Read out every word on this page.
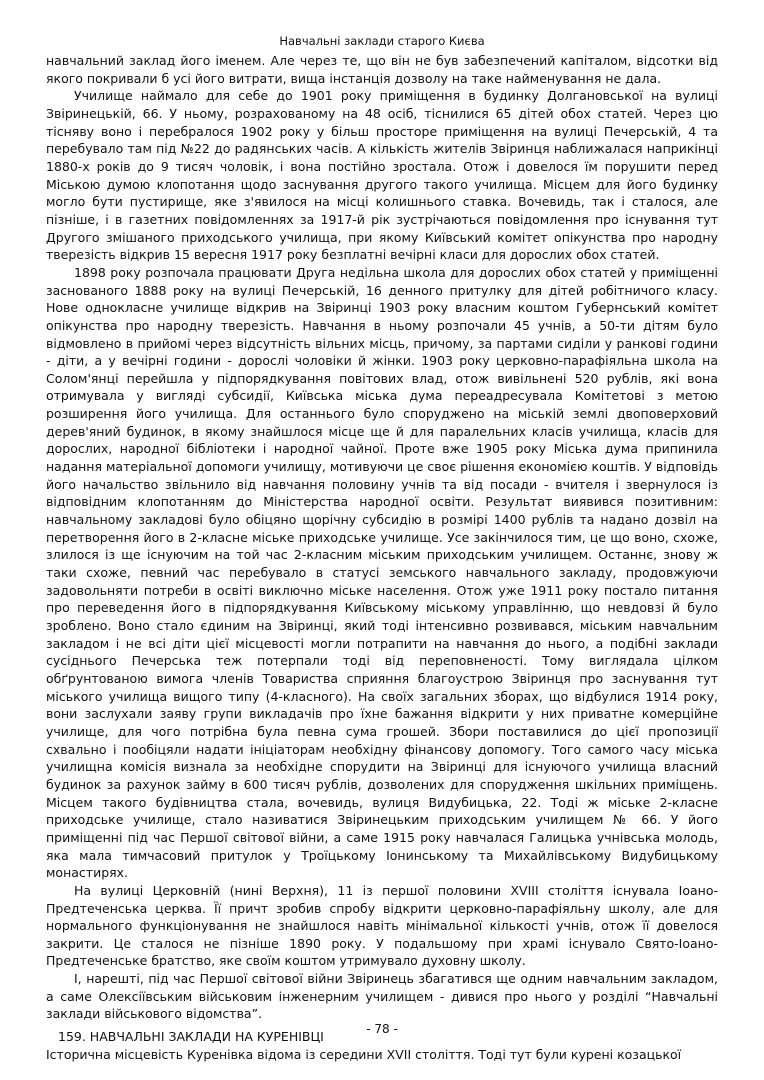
Навчальні заклади старого Києва

навчальний заклад його іменем. Але через те, що він не був забезпечений капіталом, відсотки від якого покривали б усі його витрати, вища інстанція дозволу на таке найменування не дала.

Училище наймало для себе до 1901 року приміщення в будинку Долгановської на вулиці Звіринецькій, 66. У ньому, розрахованому на 48 осіб, тіснилися 65 дітей обох статей. Через цю тісняву воно і перебралося 1902 року у більш просторе приміщення на вулиці Печерській, 4 та перебувало там під №22 до радянських часів. А кількість жителів Звіринця наближалася наприкінці 1880-х років до 9 тисяч чоловік, і вона постійно зростала. Отож і довелося їм порушити перед Міською думою клопотання щодо заснування другого такого училища. Місцем для його будинку могло бути пустирище, яке з'явилося на місці колишнього ставка. Вочевидь, так і сталося, але пізніше, і в газетних повідомленнях за 1917-й рік зустрічаються повідомлення про існування тут Другого змішаного приходського училища, при якому Київський комітет опікунства про народну тверезість відкрив 15 вересня 1917 року безплатні вечірні класи для дорослих обох статей.

1898 року розпочала працювати Друга недільна школа для дорослих обох статей у приміщенні заснованого 1888 року на вулиці Печерській, 16 денного притулку для дітей робітничого класу. Нове однокласне училище відкрив на Звіринці 1903 року власним коштом Губернський комітет опікунства про народну тверезість. Навчання в ньому розпочали 45 учнів, а 50-ти дітям було відмовлено в прийомі через відсутність вільних місць, причому, за партами сиділи у ранкові години - діти, а у вечірні години - дорослі чоловіки й жінки. 1903 року церковно-парафіяльна школа на Солом'янці перейшла у підпорядкування повітових влад, отож вивільнені 520 рублів, які вона отримувала у вигляді субсидії, Київська міська дума переадресувала Комітетові з метою розширення його училища. Для останнього було споруджено на міській землі двоповерховий дерев'яний будинок, в якому знайшлося місце ще й для паралельних класів училища, класів для дорослих, народної бібліотеки і народної чайної. Проте вже 1905 року Міська дума припинила надання матеріальної допомоги училищу, мотивуючи це своє рішення економією коштів. У відповідь його начальство звільнило від навчання половину учнів та від посади - вчителя і звернулося із відповідним клопотанням до Міністерства народної освіти. Результат виявився позитивним: навчальному закладові було обіцяно щорічну субсидію в розмірі 1400 рублів та надано дозвіл на перетворення його в 2-класне міське приходське училище. Усе закінчилося тим, це що воно, схоже, злилося із ще існуючим на той час 2-класним міським приходським училищем. Останнє, знову ж таки схоже, певний час перебувало в статусі земського навчального закладу, продовжуючи задовольняти потреби в освіті виключно міське населення. Отож уже 1911 року постало питання про переведення його в підпорядкування Київському міському управлінню, що невдовзі й було зроблено. Воно стало єдиним на Звіринці, який тоді інтенсивно розвивався, міським навчальним закладом і не всі діти цієї місцевості могли потрапити на навчання до нього, а подібні заклади сусіднього Печерська теж потерпали тоді від переповненості. Тому виглядала цілком обґрунтованою вимога членів Товариства сприяння благоустрою Звіринця про заснування тут міського училища вищого типу (4-класного). На своїх загальних зборах, що відбулися 1914 року, вони заслухали заяву групи викладачів про їхне бажання відкрити у них приватне комерційне училище, для чого потрібна була певна сума грошей. Збори поставилися до цієї пропозиції схвально і пообіцяли надати ініціаторам необхідну фінансову допомогу. Того самого часу міська училищна комісія визнала за необхідне спорудити на Звіринці для існуючого училища власний будинок за рахунок займу в 600 тисяч рублів, дозволених для спорудження шкільних приміщень. Місцем такого будівництва стала, вочевидь, вулиця Видубицька, 22. Тоді ж міське 2-класне приходське училище, стало називатися Звіринецьким приходським училищем № 66. У його приміщенні під час Першої світової війни, а саме 1915 року навчалася Галицька учнівська молодь, яка мала тимчасовий притулок у Троїцькому Іонинському та Михайлівському Видубицькому монастирях.

На вулиці Церковній (нині Верхня), 11 із першої половини XVIII століття існувала Іоано-Предтеченська церква. Її причт зробив спробу відкрити церковно-парафіяльну школу, але для нормального функціонування не знайшлося навіть мінімальної кількості учнів, отож її довелося закрити. Це сталося не пізніше 1890 року. У подальшому при храмі існувало Свято-Іоано-Предтеченське братство, яке своїм коштом утримувало духовну школу.

І, нарешті, під час Першої світової війни Звіринець збагатився ще одним навчальним закладом, а саме Олексіївським військовим інженерним училищем - дивися про нього у розділі “Навчальні заклади військового відомства”.

159. НАВЧАЛЬНІ ЗАКЛАДИ НА КУРЕНІВЦІ

Історична місцевість Куренівка відома із середини XVII століття. Тоді тут були курені козацької

- 78 -
